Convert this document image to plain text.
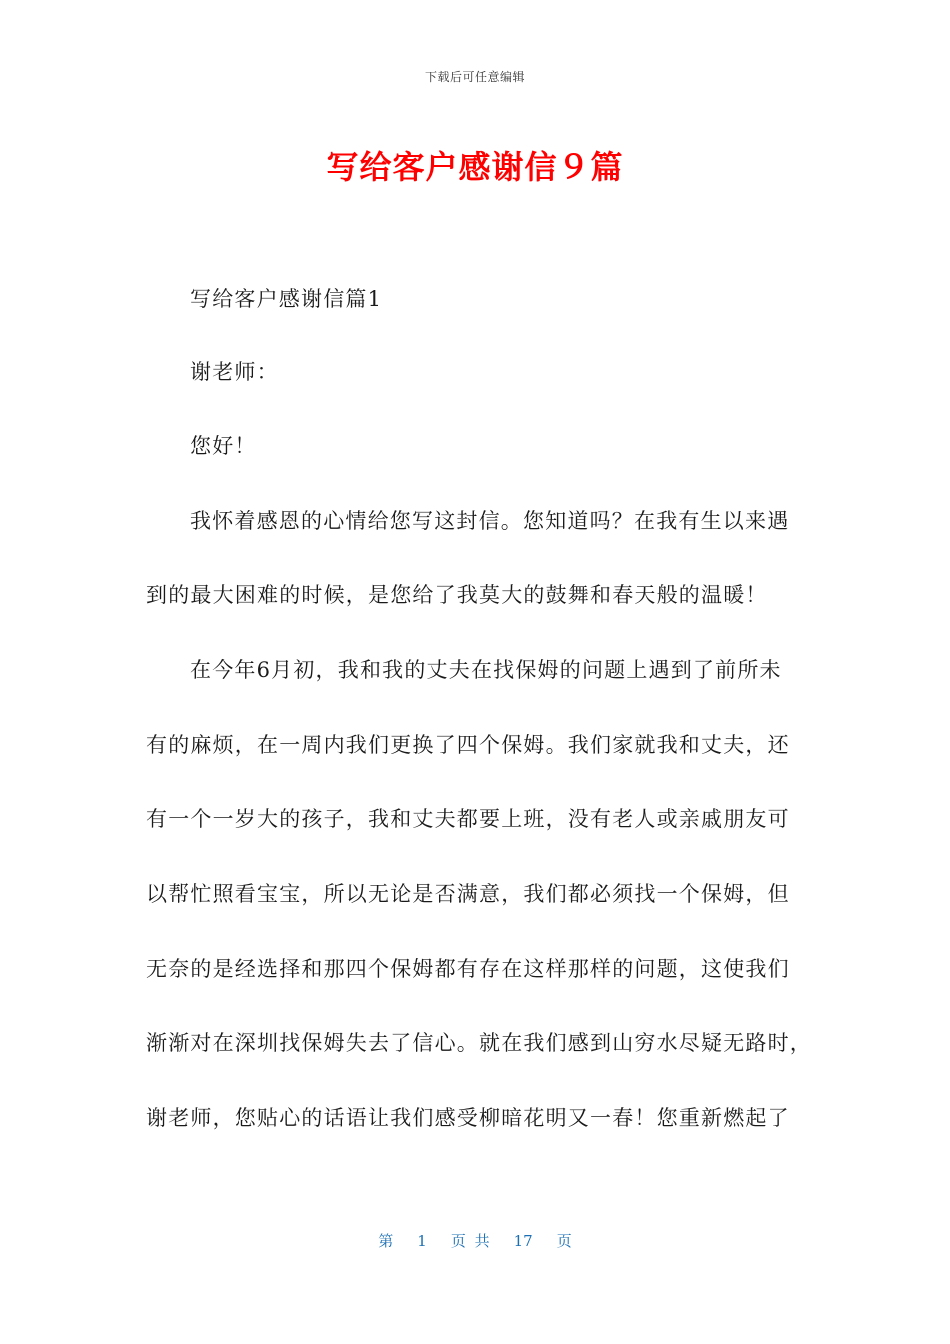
下载后可任意编辑
写给客户感谢信９篇
写给客户感谢信篇1
谢老师：
您好！
我怀着感恩的心情给您写这封信。您知道吗？在我有生以来遇
到的最大困难的时候，是您给了我莫大的鼓舞和春天般的温暖！
在今年6月初，我和我的丈夫在找保姆的问题上遇到了前所未
有的麻烦，在一周内我们更换了四个保姆。我们家就我和丈夫，还
有一个一岁大的孩子，我和丈夫都要上班，没有老人或亲戚朋友可
以帮忙照看宝宝，所以无论是否满意，我们都必须找一个保姆，但
无奈的是经选择和那四个保姆都有存在这样那样的问题，这使我们
渐渐对在深圳找保姆失去了信心。就在我们感到山穷水尽疑无路时，
谢老师，您贴心的话语让我们感受柳暗花明又一春！您重新燃起了
第 1 页 共 17 页
